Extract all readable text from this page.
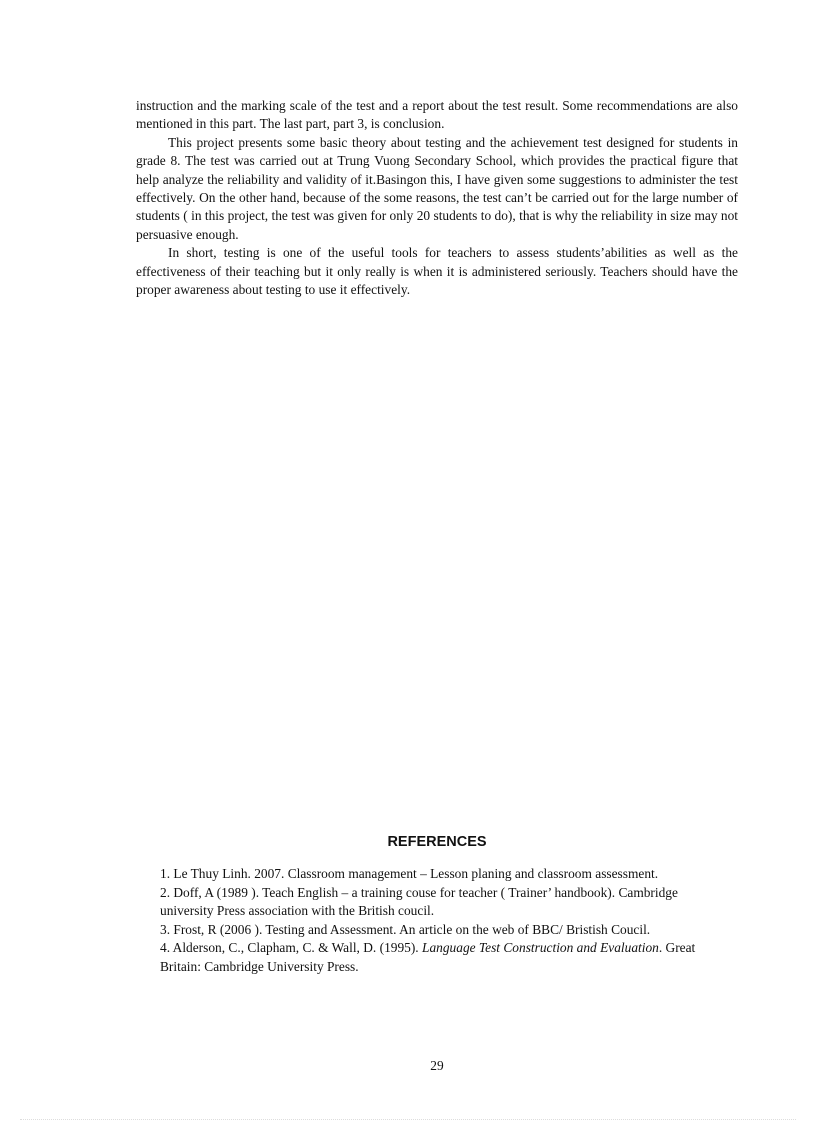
instruction and the marking scale of the test and a report about the test result. Some recommendations are also mentioned in this part. The last part, part 3, is conclusion.

This project presents some basic theory about testing and the achievement test designed for students in grade 8. The test was carried out at Trung Vuong Secondary School, which provides the practical figure that help analyze the reliability and validity of it.Basingon this, I have given some suggestions to administer the test effectively. On the other hand, because of the some reasons, the test can’t be carried out for the large number of students ( in this project, the test was given for only 20 students to do), that is why the reliability in size may not persuasive enough.

In short, testing is one of the useful tools for teachers to assess students’abilities as well as the effectiveness of their teaching but it only really is when it is administered seriously. Teachers should have the proper awareness about testing to use it effectively.

REFERENCES

1. Le Thuy Linh. 2007. Classroom management – Lesson planing and classroom assessment.

2. Doff, A (1989 ). Teach English – a training couse for teacher ( Trainer’ handbook). Cambridge university Press association with the British coucil.

3. Frost, R (2006 ). Testing and Assessment. An article on the web of BBC/ Bristish Coucil.

4. Alderson, C., Clapham, C. & Wall, D. (1995). Language Test Construction and Evaluation. Great Britain: Cambridge University Press.

29
